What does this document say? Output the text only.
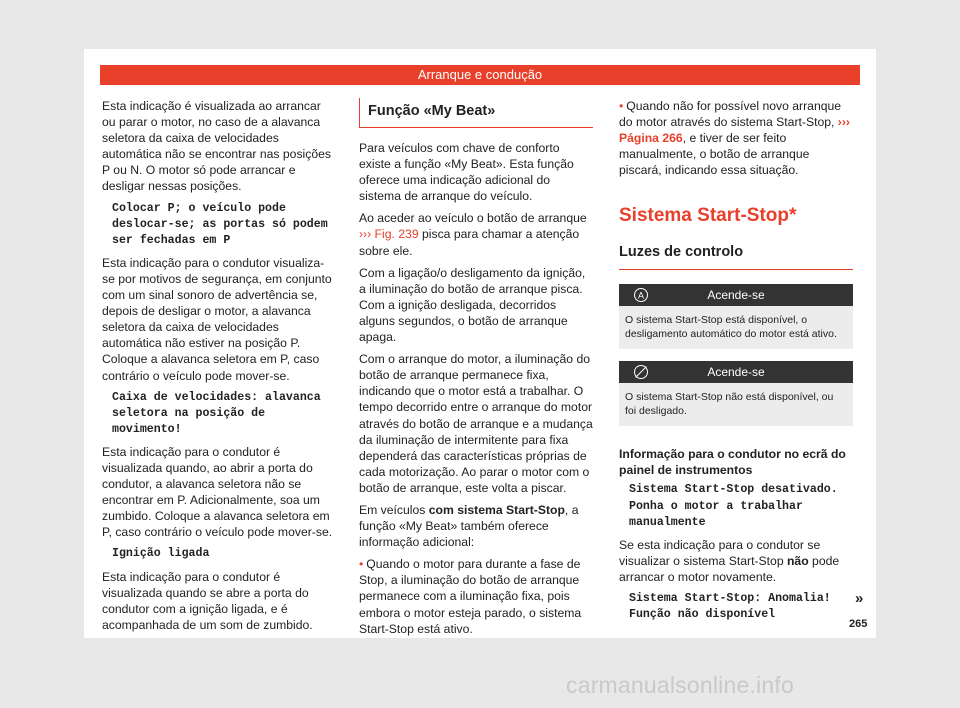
Arranque e condução

Esta indicação é visualizada ao arrancar ou parar o motor, no caso de a alavanca seletora da caixa de velocidades automática não se encontrar nas posições P ou N. O motor só pode arrancar e desligar nessas posições.

Colocar P; o veículo pode deslocar-se; as portas só podem ser fechadas em P

Esta indicação para o condutor visualiza-se por motivos de segurança, em conjunto com um sinal sonoro de advertência se, depois de desligar o motor, a alavanca seletora da caixa de velocidades automática não estiver na posição P. Coloque a alavanca seletora em P, caso contrário o veículo pode mover-se.

Caixa de velocidades: alavanca seletora na posição de movimento!

Esta indicação para o condutor é visualizada quando, ao abrir a porta do condutor, a alavanca seletora não se encontrar em P. Adicionalmente, soa um zumbido. Coloque a alavanca seletora em P, caso contrário o veículo pode mover-se.

Ignição ligada

Esta indicação para o condutor é visualizada quando se abre a porta do condutor com a ignição ligada, e é acompanhada de um som de zumbido.

Função «My Beat»

Para veículos com chave de conforto existe a função «My Beat». Esta função oferece uma indicação adicional do sistema de arranque do veículo.

Ao aceder ao veículo o botão de arranque ››› Fig. 239 pisca para chamar a atenção sobre ele.

Com a ligação/o desligamento da ignição, a iluminação do botão de arranque pisca. Com a ignição desligada, decorridos alguns segundos, o botão de arranque apaga.

Com o arranque do motor, a iluminação do botão de arranque permanece fixa, indicando que o motor está a trabalhar. O tempo decorrido entre o arranque do motor através do botão de arranque e a mudança da iluminação de intermitente para fixa dependerá das características próprias de cada motorização. Ao parar o motor com o botão de arranque, este volta a piscar.

Em veículos com sistema Start-Stop, a função «My Beat» também oferece informação adicional:

• Quando o motor para durante a fase de Stop, a iluminação do botão de arranque permanece com a iluminação fixa, pois embora o motor esteja parado, o sistema Start-Stop está ativo.

• Quando não for possível novo arranque do motor através do sistema Start-Stop, ››› Página 266, e tiver de ser feito manualmente, o botão de arranque piscará, indicando essa situação.

Sistema Start-Stop*
Luzes de controlo
A	Acende-se
O sistema Start-Stop está disponível, o desligamento automático do motor está ativo.
Acende-se
O sistema Start-Stop não está disponível, ou foi desligado.
Informação para o condutor no ecrã do painel de instrumentos
Sistema Start-Stop desativado. Ponha o motor a trabalhar manualmente

Se esta indicação para o condutor se visualizar o sistema Start-Stop não pode arrancar o motor novamente.

Sistema Start-Stop: Anomalia! Função não disponível
»
265
carmanualsonline.info
